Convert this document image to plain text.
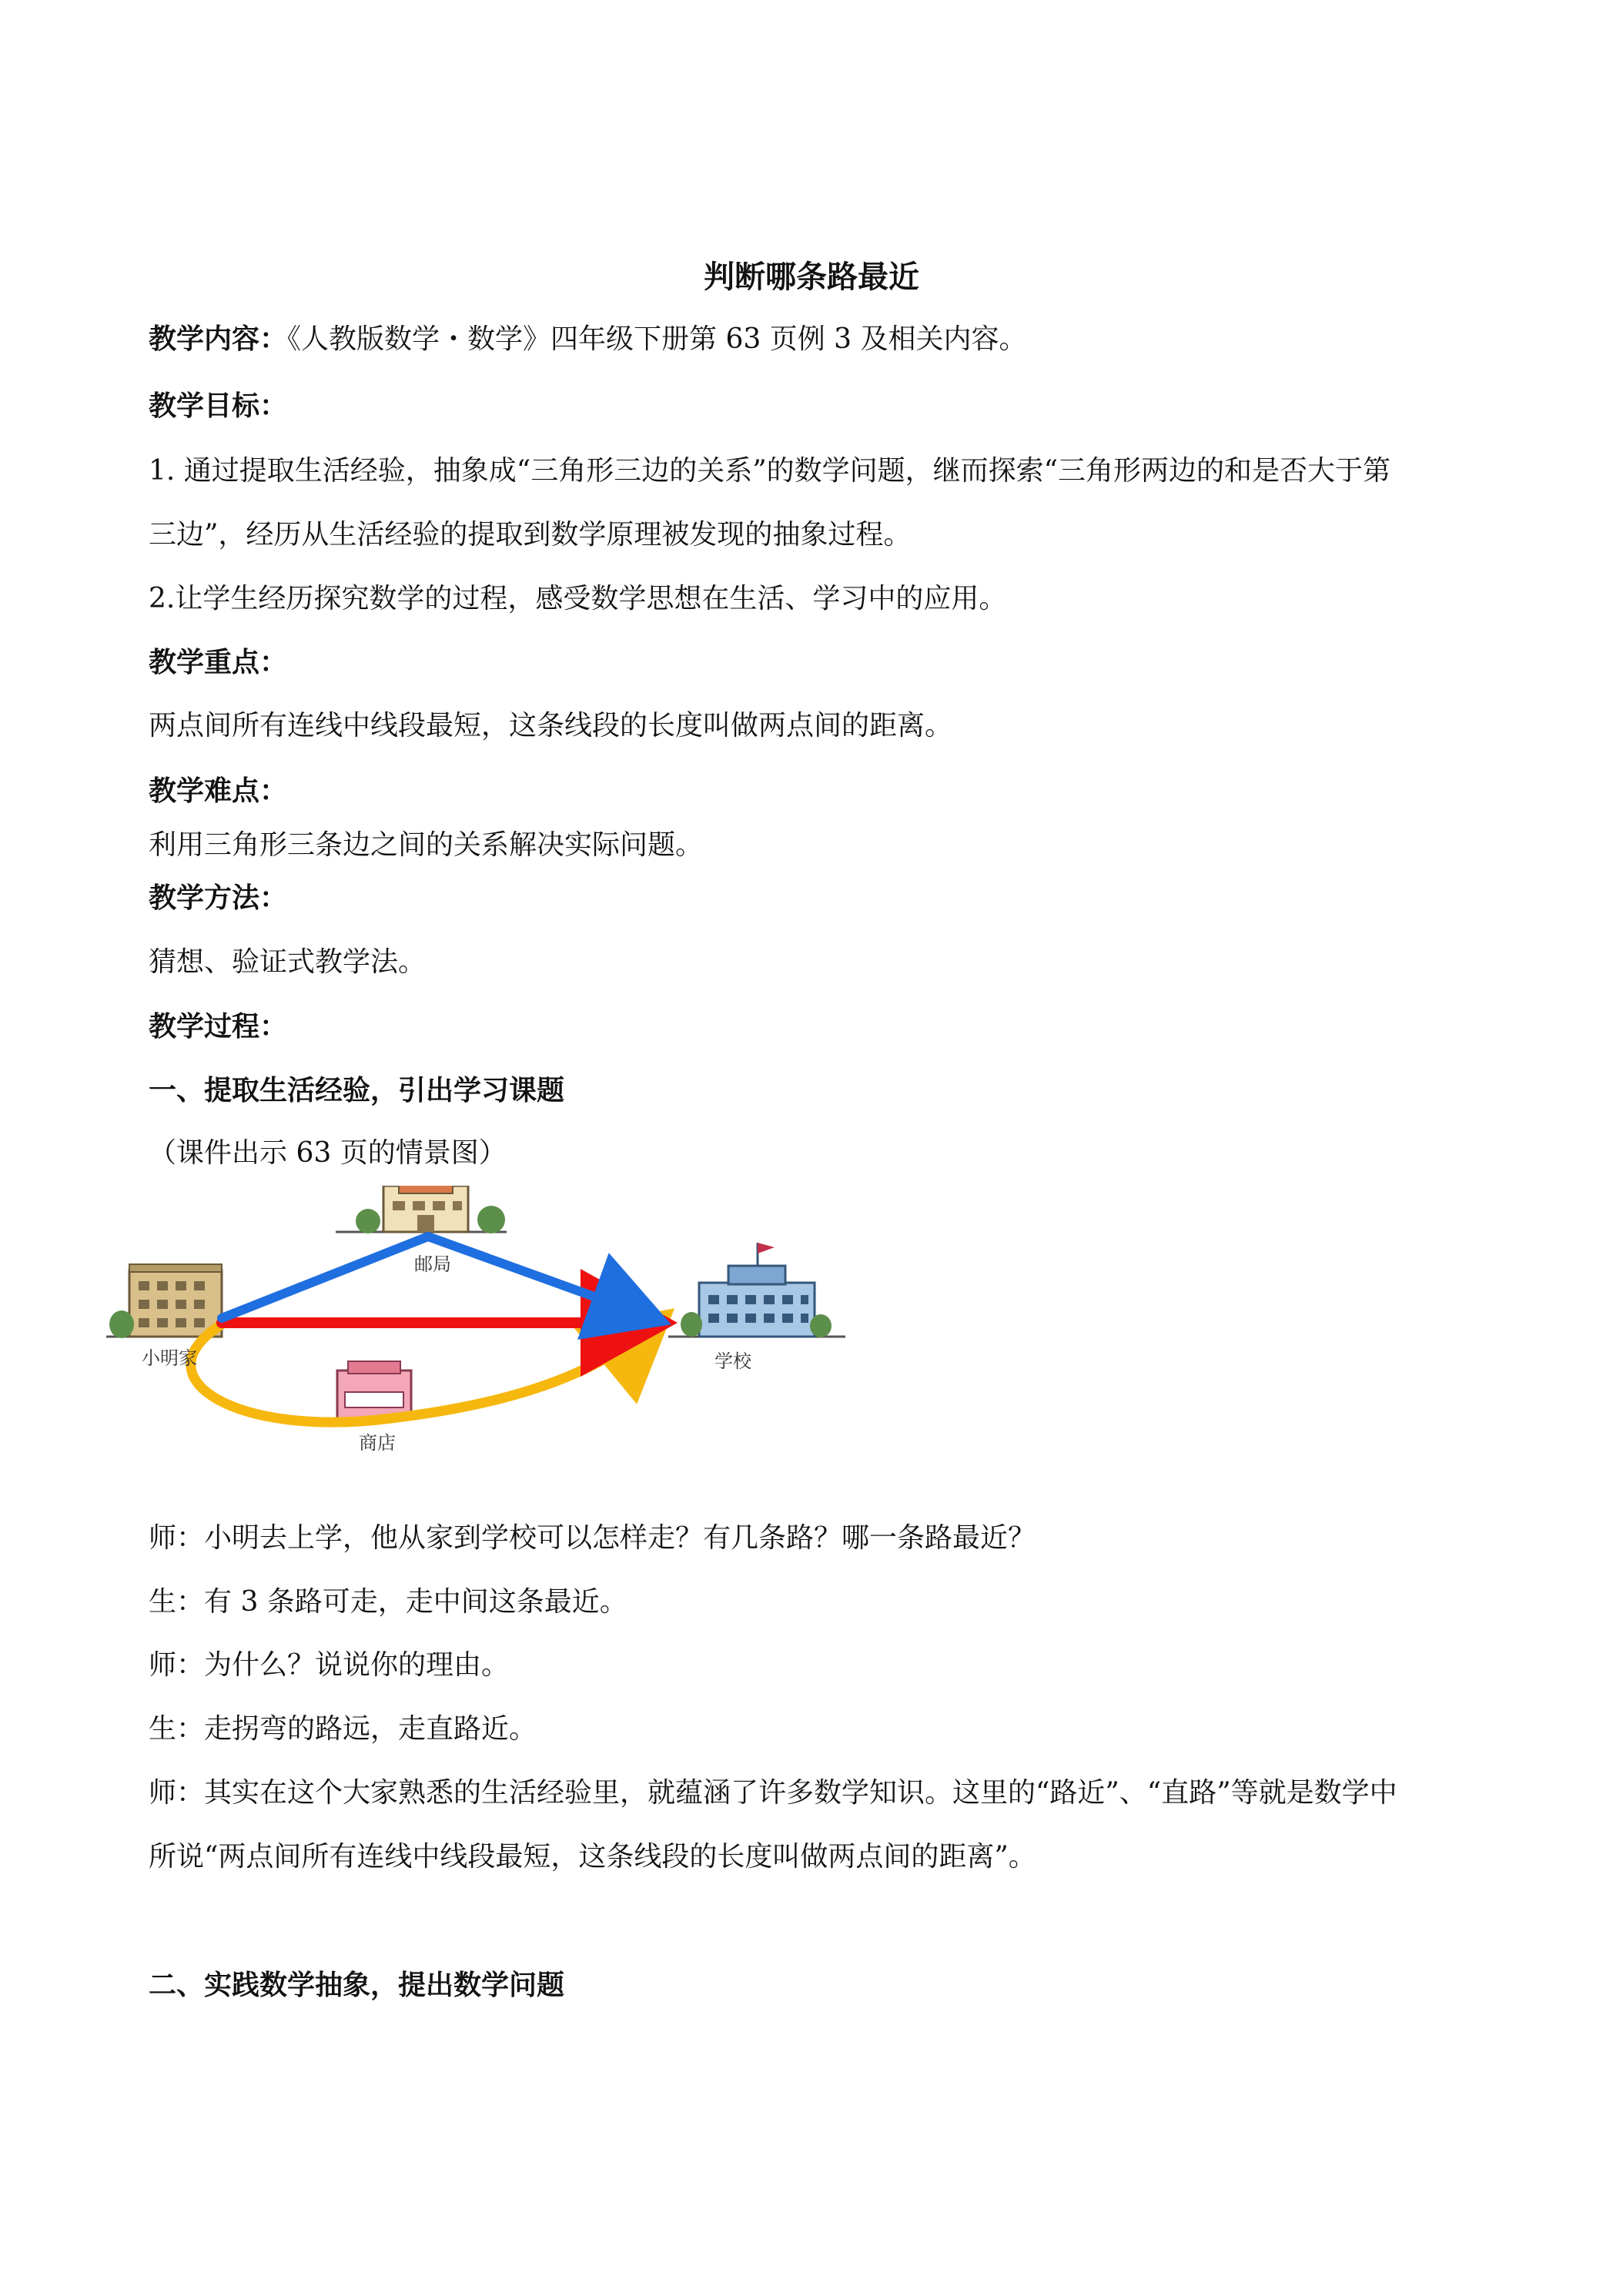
判断哪条路最近
教学内容：《人教版数学・数学》四年级下册第 63 页例 3 及相关内容。
教学目标：
1. 通过提取生活经验，抽象成“三角形三边的关系”的数学问题，继而探索“三角形两边的和是否大于第
三边”，经历从生活经验的提取到数学原理被发现的抽象过程。
2.让学生经历探究数学的过程，感受数学思想在生活、学习中的应用。
教学重点：
两点间所有连线中线段最短，这条线段的长度叫做两点间的距离。
教学难点：
利用三角形三条边之间的关系解决实际问题。
教学方法：
猜想、验证式教学法。
教学过程：
一、提取生活经验，引出学习课题
（课件出示 63 页的情景图）
小明家
邮局
学校
商店
师：小明去上学，他从家到学校可以怎样走？有几条路？哪一条路最近？
生：有 3 条路可走，走中间这条最近。
师：为什么？说说你的理由。
生：走拐弯的路远，走直路近。
师：其实在这个大家熟悉的生活经验里，就蕴涵了许多数学知识。这里的“路近”、“直路”等就是数学中
所说“两点间所有连线中线段最短，这条线段的长度叫做两点间的距离”。
二、实践数学抽象，提出数学问题
